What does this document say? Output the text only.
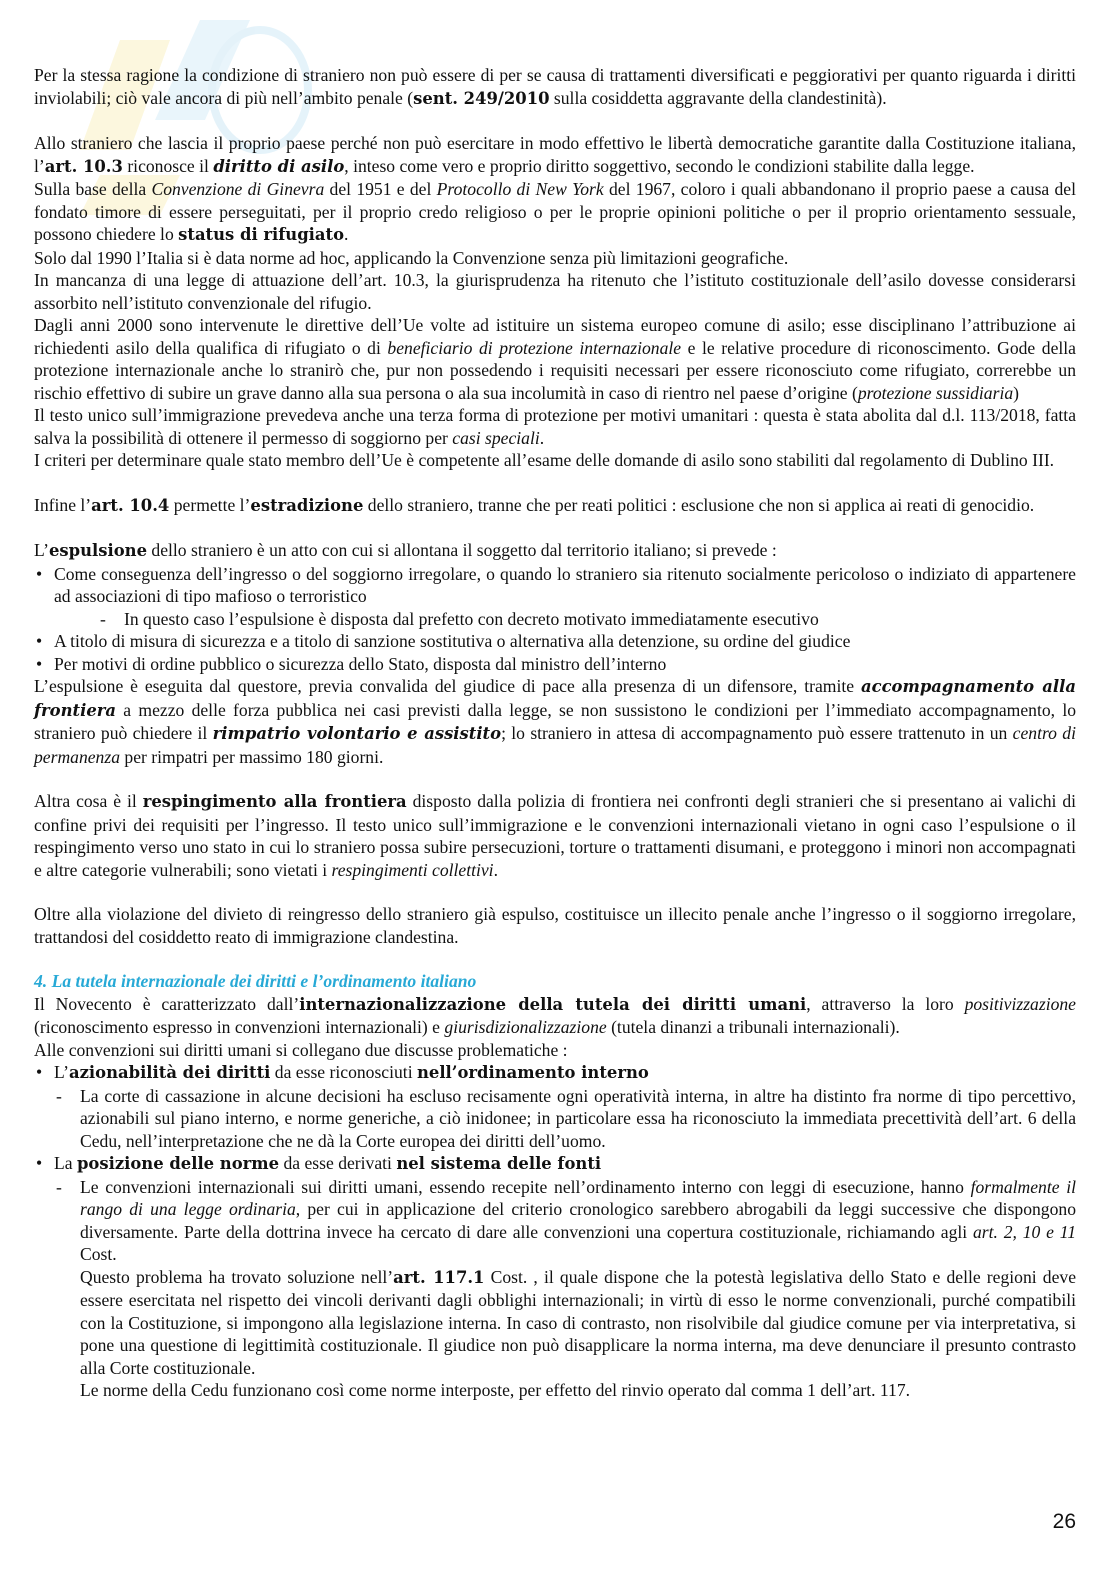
Per la stessa ragione la condizione di straniero non può essere di per se causa di trattamenti diversificati e peggiorativi per quanto riguarda i diritti inviolabili; ciò vale ancora di più nell’ambito penale (sent. 249/2010 sulla cosiddetta aggravante della clandestinità).

Allo straniero che lascia il proprio paese perché non può esercitare in modo effettivo le libertà democratiche garantite dalla Costituzione italiana, l’art. 10.3 riconosce il diritto di asilo, inteso come vero e proprio diritto soggettivo, secondo le condizioni stabilite dalla legge.

Sulla base della Convenzione di Ginevra del 1951 e del Protocollo di New York del 1967, coloro i quali abbandonano il proprio paese a causa del fondato timore di essere perseguitati, per il proprio credo religioso o per le proprie opinioni politiche o per il proprio orientamento sessuale, possono chiedere lo status di rifugiato.

Solo dal 1990 l’Italia si è data norme ad hoc, applicando la Convenzione senza più limitazioni geografiche.

In mancanza di una legge di attuazione dell’art. 10.3, la giurisprudenza ha ritenuto che l’istituto costituzionale dell’asilo dovesse considerarsi assorbito nell’istituto convenzionale del rifugio.

Dagli anni 2000 sono intervenute le direttive dell’Ue volte ad istituire un sistema europeo comune di asilo; esse disciplinano l’attribuzione ai richiedenti asilo della qualifica di rifugiato o di beneficiario di protezione internazionale e le relative procedure di riconoscimento. Gode della protezione internazionale anche lo stranirò che, pur non possedendo i requisiti necessari per essere riconosciuto come rifugiato, correrebbe un rischio effettivo di subire un grave danno alla sua persona o ala sua incolumità in caso di rientro nel paese d’origine (protezione sussidiaria)

Il testo unico sull’immigrazione prevedeva anche una terza forma di protezione per motivi umanitari : questa è stata abolita dal d.l. 113/2018, fatta salva la possibilità di ottenere il permesso di soggiorno per casi speciali.

I criteri per determinare quale stato membro dell’Ue è competente all’esame delle domande di asilo sono stabiliti dal regolamento di Dublino III.

Infine l’art. 10.4 permette l’estradizione dello straniero, tranne che per reati politici : esclusione che non si applica ai reati di genocidio.

L’espulsione dello straniero è un atto con cui si allontana il soggetto dal territorio italiano; si prevede :

• Come conseguenza dell’ingresso o del soggiorno irregolare, o quando lo straniero sia ritenuto socialmente pericoloso o indiziato di appartenere ad associazioni di tipo mafioso o terroristico
- In questo caso l’espulsione è disposta dal prefetto con decreto motivato immediatamente esecutivo
• A titolo di misura di sicurezza e a titolo di sanzione sostitutiva o alternativa alla detenzione, su ordine del giudice
• Per motivi di ordine pubblico o sicurezza dello Stato, disposta dal ministro dell’interno

L’espulsione è eseguita dal questore, previa convalida del giudice di pace alla presenza di un difensore, tramite accompagnamento alla frontiera a mezzo delle forza pubblica nei casi previsti dalla legge, se non sussistono le condizioni per l’immediato accompagnamento, lo straniero può chiedere il rimpatrio volontario e assistito; lo straniero in attesa di accompagnamento può essere trattenuto in un centro di permanenza per rimpatri per massimo 180 giorni.

Altra cosa è il respingimento alla frontiera disposto dalla polizia di frontiera nei confronti degli stranieri che si presentano ai valichi di confine privi dei requisiti per l’ingresso. Il testo unico sull’immigrazione e le convenzioni internazionali vietano in ogni caso l’espulsione o il respingimento verso uno stato in cui lo straniero possa subire persecuzioni, torture o trattamenti disumani, e proteggono i minori non accompagnati e altre categorie vulnerabili; sono vietati i respingimenti collettivi.

Oltre alla violazione del divieto di reingresso dello straniero già espulso, costituisce un illecito penale anche l’ingresso o il soggiorno irregolare, trattandosi del cosiddetto reato di immigrazione clandestina.

4. La tutela internazionale dei diritti e l’ordinamento italiano

Il Novecento è caratterizzato dall’internazionalizzazione della tutela dei diritti umani, attraverso la loro positivizzazione (riconoscimento espresso in convenzioni internazionali) e giurisdizionalizzazione (tutela dinanzi a tribunali internazionali).

Alle convenzioni sui diritti umani si collegano due discusse problematiche :

• L’azionabilità dei diritti da esse riconosciuti nell’ordinamento interno
- La corte di cassazione in alcune decisioni ha escluso recisamente ogni operatività interna, in altre ha distinto fra norme di tipo percettivo, azionabili sul piano interno, e norme generiche, a ciò inidonee; in particolare essa ha riconosciuto la immediata precettività dell’art. 6 della Cedu, nell’interpretazione che ne dà la Corte europea dei diritti dell’uomo.
• La posizione delle norme da esse derivati nel sistema delle fonti
- Le convenzioni internazionali sui diritti umani, essendo recepite nell’ordinamento interno con leggi di esecuzione, hanno formalmente il rango di una legge ordinaria, per cui in applicazione del criterio cronologico sarebbero abrogabili da leggi successive che dispongono diversamente. Parte della dottrina invece ha cercato di dare alle convenzioni una copertura costituzionale, richiamando agli art. 2, 10 e 11 Cost.
Questo problema ha trovato soluzione nell’art. 117.1 Cost. , il quale dispone che la potestà legislativa dello Stato e delle regioni deve essere esercitata nel rispetto dei vincoli derivanti dagli obblighi internazionali; in virtù di esso le norme convenzionali, purché compatibili con la Costituzione, si impongono alla legislazione interna. In caso di contrasto, non risolvibile dal giudice comune per via interpretativa, si pone una questione di legittimità costituzionale. Il giudice non può disapplicare la norma interna, ma deve denunciare il presunto contrasto alla Corte costituzionale.
Le norme della Cedu funzionano così come norme interposte, per effetto del rinvio operato dal comma 1 dell’art. 117.
26
